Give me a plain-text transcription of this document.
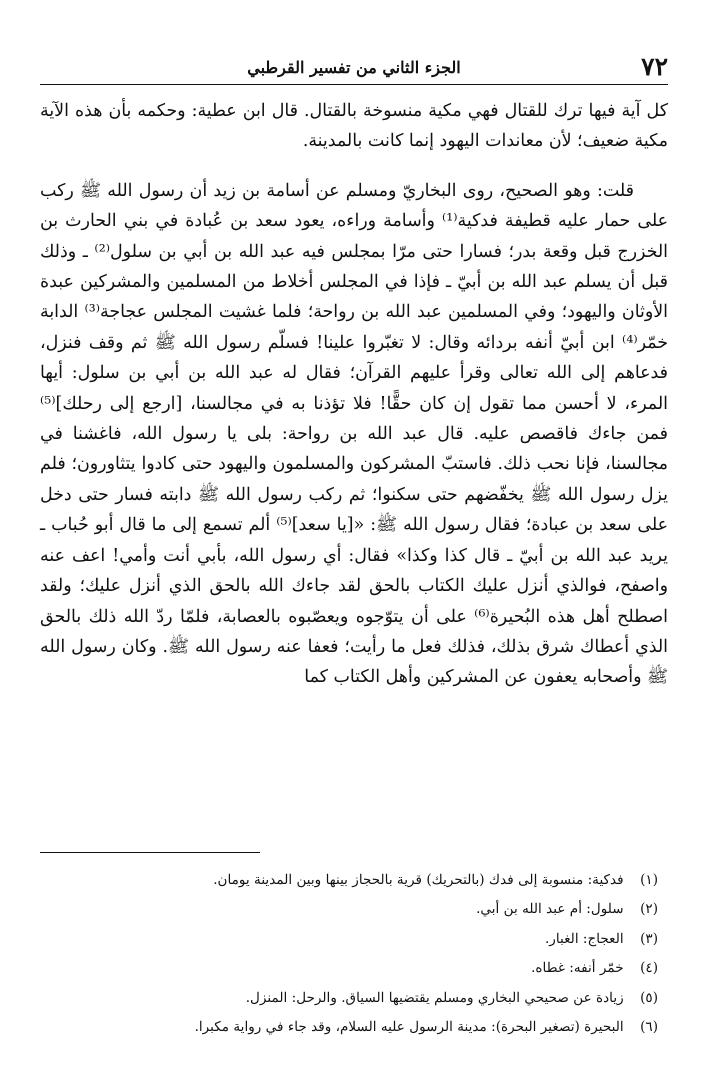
٧٢
الجزء الثاني من تفسير القرطبي

كل آية فيها ترك للقتال فهي مكية منسوخة بالقتال. قال ابن عطية: وحكمه بأن هذه الآية مكية ضعيف؛ لأن معاندات اليهود إنما كانت بالمدينة.

قلت: وهو الصحيح، روى البخاريّ ومسلم عن أسامة بن زيد أن رسول الله ﷺ ركب على حمار عليه قطيفة فدكية⁽¹⁾ وأسامة وراءه، يعود سعد بن عُبادة في بني الحارث بن الخزرج قبل وقعة بدر؛ فسارا حتى مرّا بمجلس فيه عبد الله بن أبي بن سلول⁽²⁾ ـ وذلك قبل أن يسلم عبد الله بن أبيّ ـ فإذا في المجلس أخلاط من المسلمين والمشركين عبدة الأوثان واليهود؛ وفي المسلمين عبد الله بن رواحة؛ فلما غشيت المجلس عجاجة⁽³⁾ الدابة خمّر⁽⁴⁾ ابن أبيّ أنفه بردائه وقال: لا تغبّروا علينا! فسلّم رسول الله ﷺ ثم وقف فنزل، فدعاهم إلى الله تعالى وقرأ عليهم القرآن؛ فقال له عبد الله بن أبي بن سلول: أيها المرء، لا أحسن مما تقول إن كان حقًّا! فلا تؤذنا به في مجالسنا، [ارجع إلى رحلك]⁽⁵⁾ فمن جاءك فاقصص عليه. قال عبد الله بن رواحة: بلى يا رسول الله، فاغشنا في مجالسنا، فإنا نحب ذلك. فاستبّ المشركون والمسلمون واليهود حتى كادوا يتثاورون؛ فلم يزل رسول الله ﷺ يخفّضهم حتى سكنوا؛ ثم ركب رسول الله ﷺ دابته فسار حتى دخل على سعد بن عبادة؛ فقال رسول الله ﷺ: «[يا سعد]⁽⁵⁾ ألم تسمع إلى ما قال أبو حُباب ـ يريد عبد الله بن أبيّ ـ قال كذا وكذا» فقال: أي رسول الله، بأبي أنت وأمي! اعف عنه واصفح، فوالذي أنزل عليك الكتاب بالحق لقد جاءك الله بالحق الذي أنزل عليك؛ ولقد اصطلح أهل هذه البُحيرة⁽⁶⁾ على أن يتوّجوه ويعصّبوه بالعصابة، فلمّا ردّ الله ذلك بالحق الذي أعطاك شرق بذلك، فذلك فعل ما رأيت؛ فعفا عنه رسول الله ﷺ. وكان رسول الله ﷺ وأصحابه يعفون عن المشركين وأهل الكتاب كما

(١) فدكية: منسوبة إلى فدك (بالتحريك) قرية بالحجاز بينها وبين المدينة يومان.
(٢) سلول: أم عبد الله بن أبي.
(٣) العجاج: الغبار.
(٤) خمّر أنفه: غطاه.
(٥) زيادة عن صحيحي البخاري ومسلم يقتضيها السياق. والرحل: المنزل.
(٦) البحيرة (تصغير البحرة): مدينة الرسول عليه السلام، وقد جاء في رواية مكبرا.
